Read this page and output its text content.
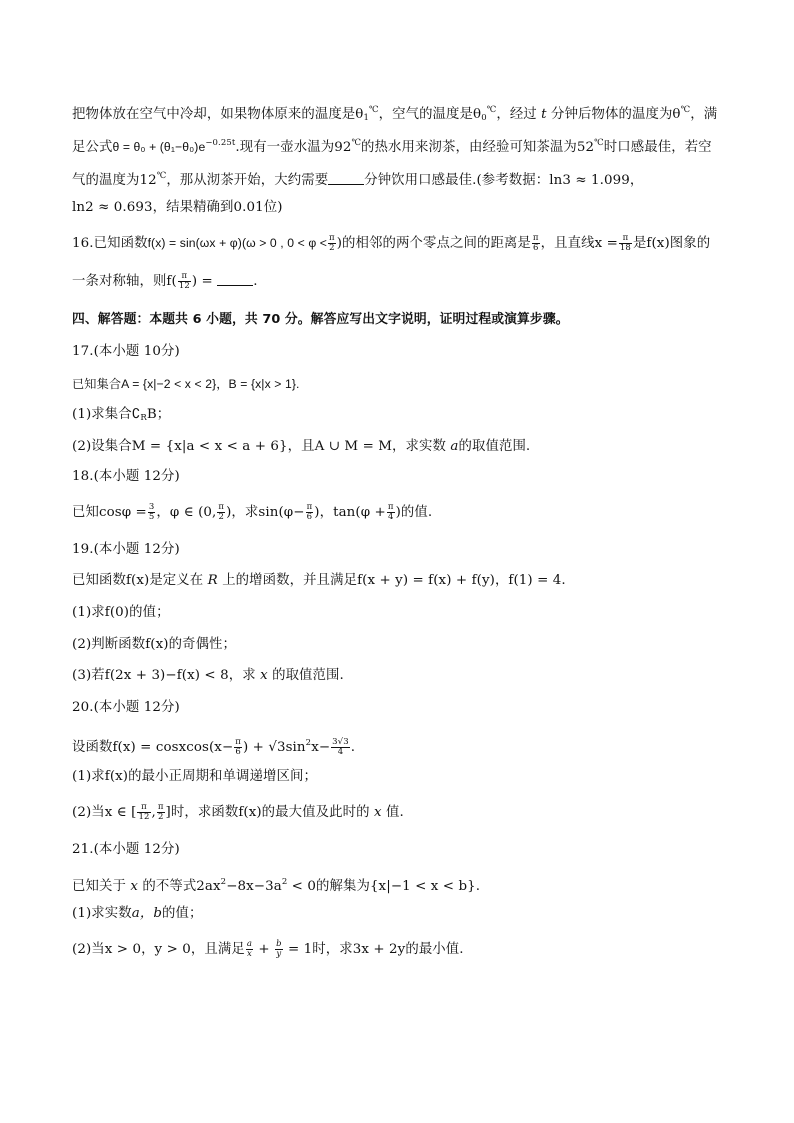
把物体放在空气中冷却，如果物体原来的温度是$\theta_1^℃$，空气的温度是$\theta_0^℃$，经过 t 分钟后物体的温度为θ℃，满
足公式$\theta = \theta_0 + (\theta_1-\theta_0)e^{-0.25t}$.现有一壶水温为92℃的热水用来沏茶，由经验可知茶温为52℃时口感最佳，若空
气的温度为12℃，那从沏茶开始，大约需要	分钟饮用口感最佳.(参考数据：ln3 ≈ 1.099，
ln2 ≈ 0.693，结果精确到0.01位)
16.已知函数f(x) = sin(ωx + φ)(ω > 0 , $0 < \varphi < \frac{\pi}{2}$ )的相邻的两个零点之间的距离是 $\frac{\pi}{6}$ ，且直线$x = \frac{\pi}{18}$ 是f(x)图象的
一条对称轴，则$f( \frac{\pi}{12}$ ) =	.
四、解答题：本题共 6 小题，共 70 分。解答应写出文字说明，证明过程或演算步骤。
17.(本小题 10分)
已知集合A = {x|−2 < x < 2}，B = {x|x > 1}.
(1)求集合$∁_RB$；
(2)设集合M = {x|a < x < a + 6}，且A ∪ M = M，求实数 a的取值范围.
18.(本小题 12分)
已知$\cos\varphi = \frac{3}{5}$ ，φ ∈ (0, $\frac{\pi}{2}$ )，求$\sin(\varphi- \frac{\pi}{6}$ )，$\tan(\varphi + \frac{\pi}{4}$ )的值.
19.(本小题 12分)
已知函数f(x)是定义在 R 上的增函数，并且满足f(x + y) = f(x) + f(y)，f(1) = 4.
(1)求f(0)的值；
(2)判断函数f(x)的奇偶性；
(3)若f(2x + 3)−f(x) < 8，求 x 的取值范围.
20.(本小题 12分)
设函数f(x) = cosxcos(x− $\frac{\pi}{6}$ ) + $√3\sin^2x- \frac{3√3}{4}$ .
(1)求f(x)的最小正周期和单调递增区间；
(2)当x ∈ [ $\frac{\pi}{12}$ , $\frac{\pi}{2}$ ]时，求函数f(x)的最大值及此时的 x 值.
21.(本小题 12分)
已知关于 x 的不等式$2ax^2-8x-3a^2 < 0$的解集为{x|−1 < x < b}.
(1)求实数a，b的值；
(2)当x > 0，y > 0，且满足 $\frac{a}{x} + \frac{b}{y} = 1$时，求3x + 2y的最小值.
